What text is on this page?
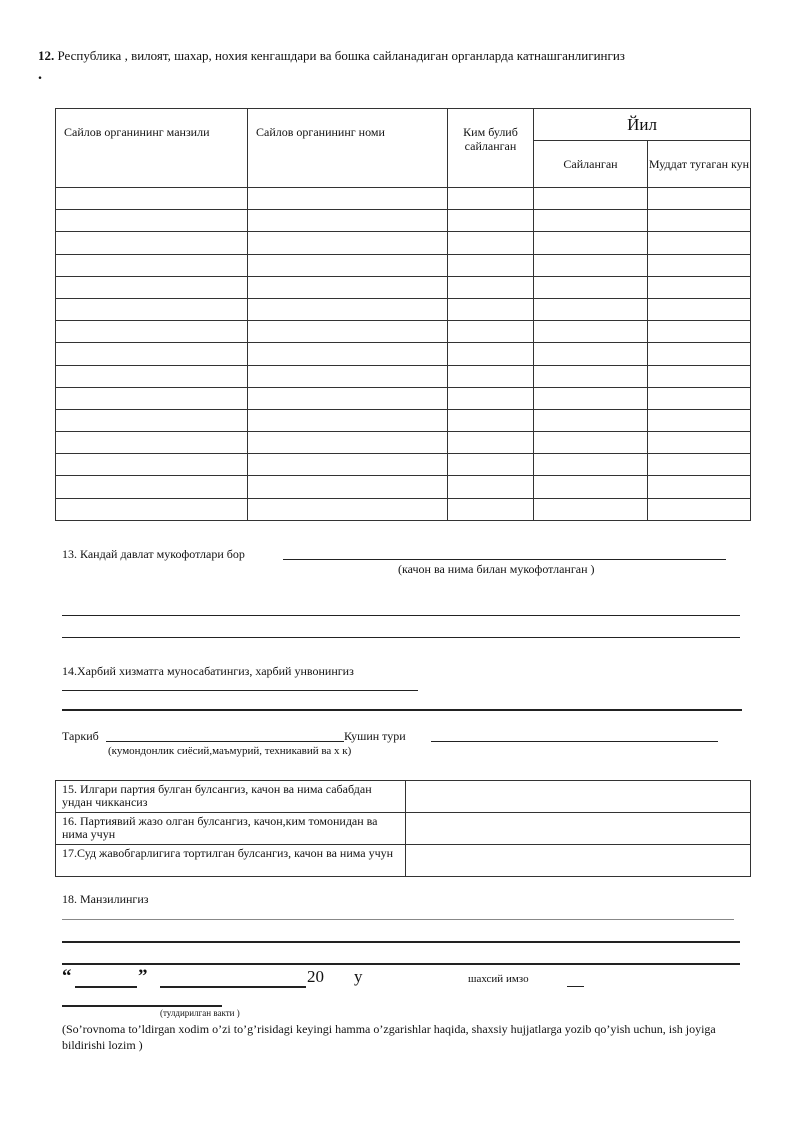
12. Республика , вилоят, шахар, нохия кенгашдари ва бошка сайланадиган органларда катнашганлигингиз
.
Сайлов органининг манзили	Сайлов органининг номи	Ким булиб сайланган	Йил	
			Сайланган	Муддат тугаган кун

13. Кандай давлат мукофотлари бор
(качон ва нима билан мукофотланган )
14.Харбий хизматга муносабатингиз, харбий унвонингиз
Таркиб	Кушин тури
(кумондонлик сиёсий,маъмурий, техникавий ва х к)
15. Илгари партия булган булсангиз, качон ва нима сабабдан ундан чиккансиз	
16. Партиявий жазо олган булсангиз, качон,ким томонидан ва нима учун	
17.Суд жавобгарлигига тортилган булсангиз, качон ва нима учун	
18. Манзилингиз
“	”	20 у	шахсий имзо
(тулдирилган вакти )
(So’rovnoma to’ldirgan xodim o’zi to’g’risidagi keyingi hamma o’zgarishlar haqida, shaxsiy hujjatlarga yozib qo’yish uchun, ish joyiga bildirishi lozim )
